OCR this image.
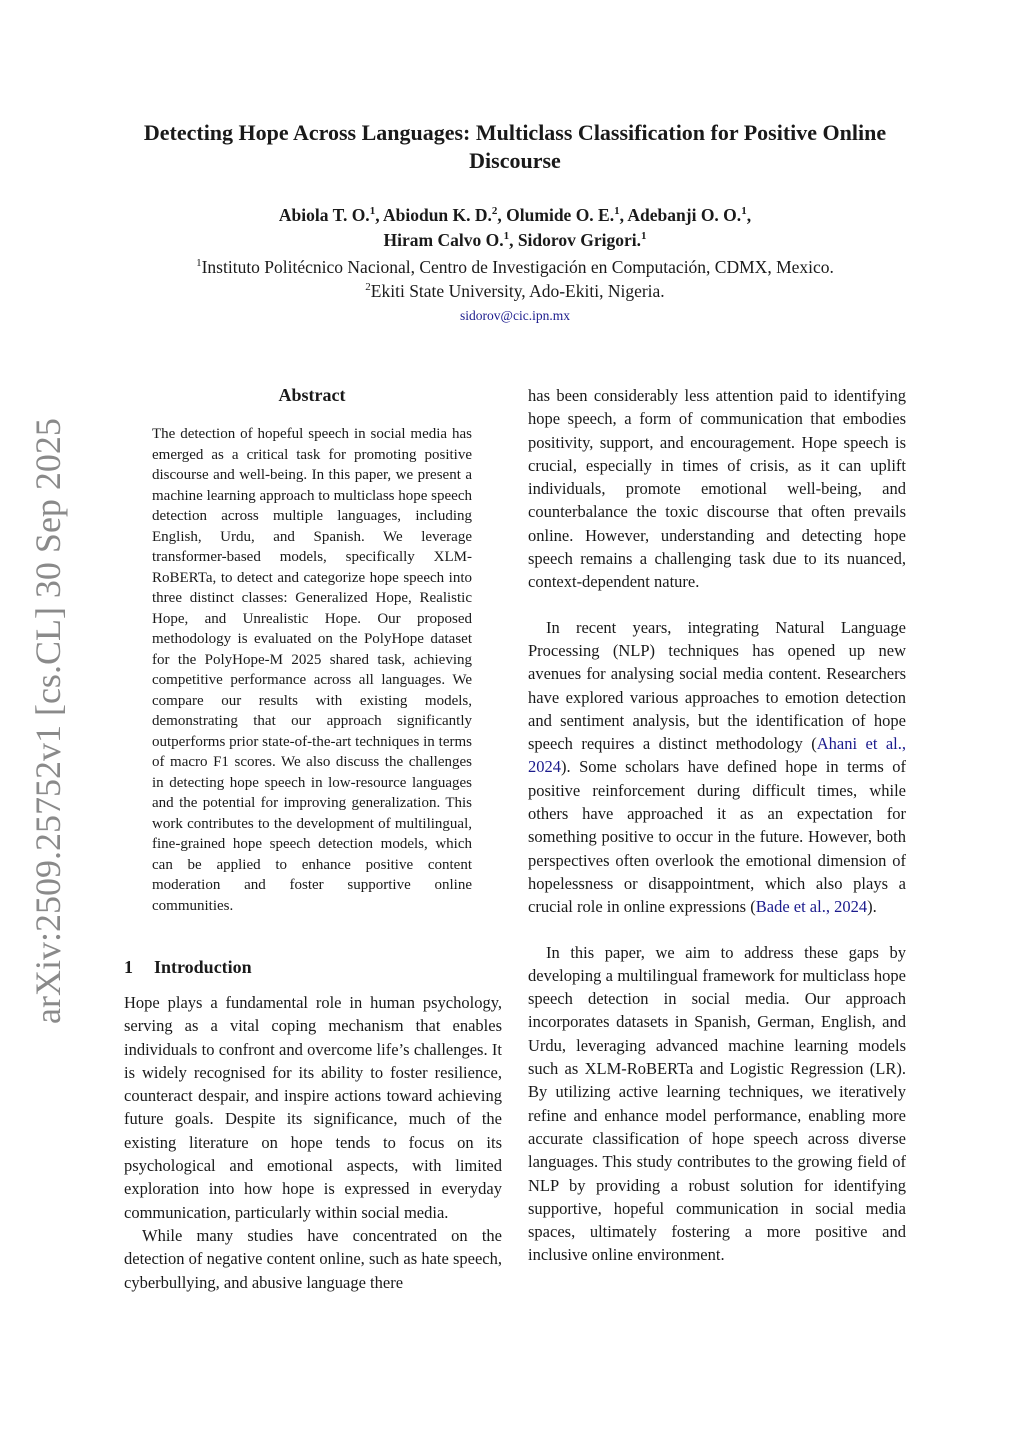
Detecting Hope Across Languages: Multiclass Classification for Positive Online Discourse
Abiola T. O.$^1$, Abiodun K. D.$^2$, Olumide O. E.$^1$, Adebanji O. O.$^1$,
Hiram Calvo O.$^1$, Sidorov Grigori.$^1$
$^1$Instituto Politécnico Nacional, Centro de Investigación en Computación, CDMX, Mexico.
$^2$Ekiti State University, Ado-Ekiti, Nigeria.
sidorov@cic.ipn.mx
arXiv:2509.25752v1 [cs.CL] 30 Sep 2025
Abstract
The detection of hopeful speech in social media has emerged as a critical task for promoting positive discourse and well-being. In this paper, we present a machine learning approach to multiclass hope speech detection across multiple languages, including English, Urdu, and Spanish. We leverage transformer-based models, specifically XLM-RoBERTa, to detect and categorize hope speech into three distinct classes: Generalized Hope, Realistic Hope, and Unrealistic Hope. Our proposed methodology is evaluated on the PolyHope dataset for the PolyHope-M 2025 shared task, achieving competitive performance across all languages. We compare our results with existing models, demonstrating that our approach significantly outperforms prior state-of-the-art techniques in terms of macro F1 scores. We also discuss the challenges in detecting hope speech in low-resource languages and the potential for improving generalization. This work contributes to the development of multilingual, fine-grained hope speech detection models, which can be applied to enhance positive content moderation and foster supportive online communities.
1 Introduction

Hope plays a fundamental role in human psychology, serving as a vital coping mechanism that enables individuals to confront and overcome life’s challenges. It is widely recognised for its ability to foster resilience, counteract despair, and inspire actions toward achieving future goals. Despite its significance, much of the existing literature on hope tends to focus on its psychological and emotional aspects, with limited exploration into how hope is expressed in everyday communication, particularly within social media.

While many studies have concentrated on the detection of negative content online, such as hate speech, cyberbullying, and abusive language there

has been considerably less attention paid to identifying hope speech, a form of communication that embodies positivity, support, and encouragement. Hope speech is crucial, especially in times of crisis, as it can uplift individuals, promote emotional well-being, and counterbalance the toxic discourse that often prevails online. However, understanding and detecting hope speech remains a challenging task due to its nuanced, context-dependent nature.

In recent years, integrating Natural Language Processing (NLP) techniques has opened up new avenues for analysing social media content. Researchers have explored various approaches to emotion detection and sentiment analysis, but the identification of hope speech requires a distinct methodology (Ahani et al., 2024). Some scholars have defined hope in terms of positive reinforcement during difficult times, while others have approached it as an expectation for something positive to occur in the future. However, both perspectives often overlook the emotional dimension of hopelessness or disappointment, which also plays a crucial role in online expressions (Bade et al., 2024).

In this paper, we aim to address these gaps by developing a multilingual framework for multiclass hope speech detection in social media. Our approach incorporates datasets in Spanish, German, English, and Urdu, leveraging advanced machine learning models such as XLM-RoBERTa and Logistic Regression (LR). By utilizing active learning techniques, we iteratively refine and enhance model performance, enabling more accurate classification of hope speech across diverse languages. This study contributes to the growing field of NLP by providing a robust solution for identifying supportive, hopeful communication in social media spaces, ultimately fostering a more positive and inclusive online environment.
